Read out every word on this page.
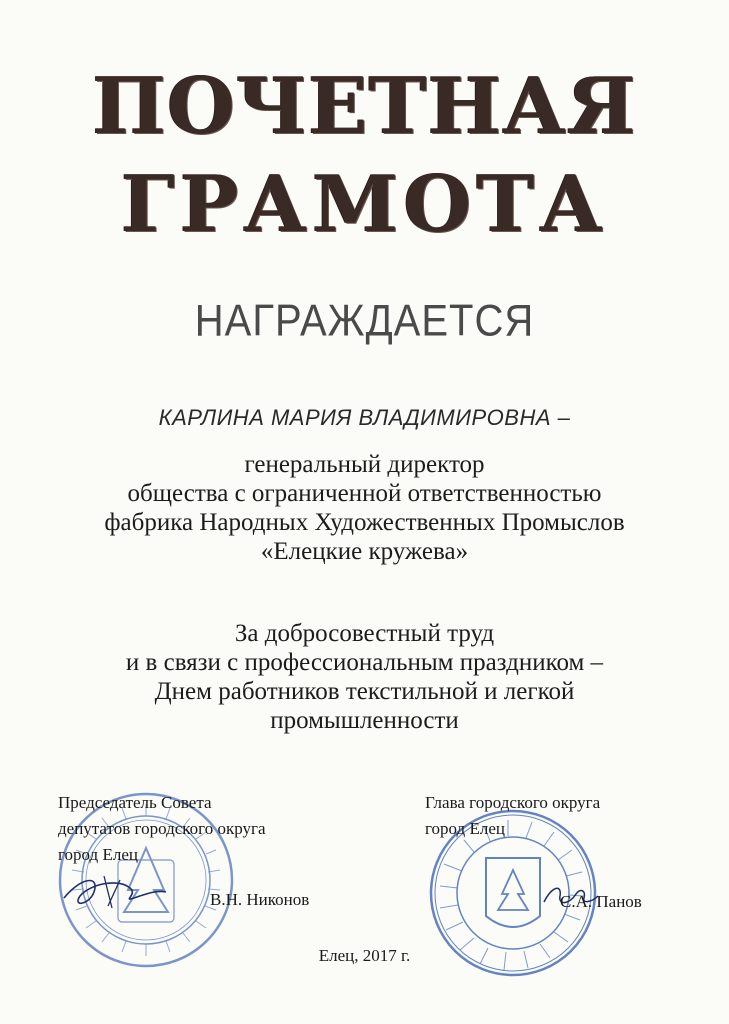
ПОЧЕТНАЯ
ГРАМОТА
НАГРАЖДАЕТСЯ
КАРЛИНА МАРИЯ ВЛАДИМИРОВНА –
генеральный директор
общества с ограниченной ответственностью
фабрика Народных Художественных Промыслов
«Елецкие кружева»
За добросовестный труд
и в связи с профессиональным праздником –
Днем работников текстильной и легкой
промышленности
Председатель Совета
депутатов городского округа
город Елец
В.Н. Никонов
Глава городского округа
город Елец
С.А. Панов
Елец, 2017 г.
